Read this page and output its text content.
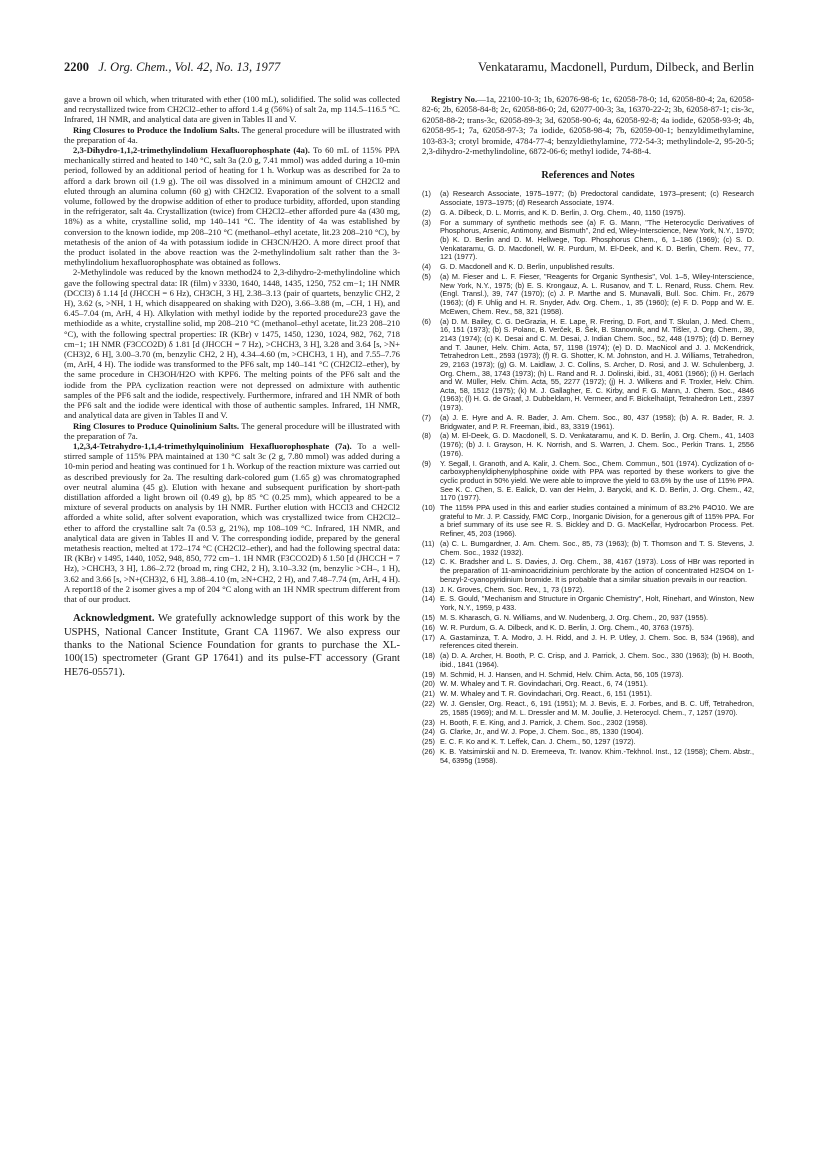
2200 J. Org. Chem., Vol. 42, No. 13, 1977	Venkataramu, Macdonell, Purdum, Dilbeck, and Berlin

gave a brown oil which, when triturated with ether (100 mL), solidified. The solid was collected and recrystallized twice from CH2Cl2–ether to afford 1.4 g (56%) of salt 2a, mp 114.5–116.5 °C. Infrared, 1H NMR, and analytical data are given in Tables II and V.

Ring Closures to Produce the Indolium Salts. The general procedure will be illustrated with the preparation of 4a.

2,3-Dihydro-1,1,2-trimethylindolium Hexafluorophosphate (4a). To 60 mL of 115% PPA mechanically stirred and heated to 140 °C, salt 3a (2.0 g, 7.41 mmol) was added during a 10-min period, followed by an additional period of heating for 1 h. Workup was as described for 2a to afford a dark brown oil (1.9 g). The oil was dissolved in a minimum amount of CH2Cl2 and eluted through an alumina column (60 g) with CH2Cl2. Evaporation of the solvent to a small volume, followed by the dropwise addition of ether to produce turbidity, afforded, upon standing in the refrigerator, salt 4a. Crystallization (twice) from CH2Cl2–ether afforded pure 4a (430 mg, 18%) as a white, crystalline solid, mp 140–141 °C. The identity of 4a was established by conversion to the known iodide, mp 208–210 °C (methanol–ethyl acetate, lit.23 208–210 °C), by metathesis of the anion of 4a with potassium iodide in CH3CN/H2O. A more direct proof that the product isolated in the above reaction was the 2-methylindolium salt rather than the 3-methylindolium hexafluorophosphate was obtained as follows.

2-Methylindole was reduced by the known method24 to 2,3-dihydro-2-methylindoline which gave the following spectral data: IR (film) ν 3330, 1640, 1448, 1435, 1250, 752 cm−1; 1H NMR (DCCl3) δ 1.14 [d (JHCCH = 6 Hz), CH3CH, 3 H], 2.38–3.13 (pair of quartets, benzylic CH2, 2 H), 3.62 (s, >NH, 1 H, which disappeared on shaking with D2O), 3.66–3.88 (m, –CH, 1 H), and 6.45–7.04 (m, ArH, 4 H). Alkylation with methyl iodide by the reported procedure23 gave the methiodide as a white, crystalline solid, mp 208–210 °C (methanol–ethyl acetate, lit.23 208–210 °C), with the following spectral properties: IR (KBr) ν 1475, 1450, 1230, 1024, 982, 762, 718 cm−1; 1H NMR (F3CCO2D) δ 1.81 [d (JHCCH = 7 Hz), >CHCH3, 3 H], 3.28 and 3.64 [s, >N+(CH3)2, 6 H], 3.00–3.70 (m, benzylic CH2, 2 H), 4.34–4.60 (m, >CHCH3, 1 H), and 7.55–7.76 (m, ArH, 4 H). The iodide was transformed to the PF6 salt, mp 140–141 °C (CH2Cl2–ether), by the same procedure in CH3OH/H2O with KPF6. The melting points of the PF6 salt and the iodide from the PPA cyclization reaction were not depressed on admixture with authentic samples of the PF6 salt and the iodide, respectively. Furthermore, infrared and 1H NMR of both the PF6 salt and the iodide were identical with those of authentic samples. Infrared, 1H NMR, and analytical data are given in Tables II and V.

Ring Closures to Produce Quinolinium Salts. The general procedure will be illustrated with the preparation of 7a.

1,2,3,4-Tetrahydro-1,1,4-trimethylquinolinium Hexafluorophosphate (7a). To a well-stirred sample of 115% PPA maintained at 130 °C salt 3c (2 g, 7.80 mmol) was added during a 10-min period and heating was continued for 1 h. Workup of the reaction mixture was carried out as described previously for 2a. The resulting dark-colored gum (1.65 g) was chromatographed over neutral alumina (45 g). Elution with hexane and subsequent purification by short-path distillation afforded a light brown oil (0.49 g), bp 85 °C (0.25 mm), which appeared to be a mixture of several products on analysis by 1H NMR. Further elution with HCCl3 and CH2Cl2 afforded a white solid, after solvent evaporation, which was crystallized twice from CH2Cl2–ether to afford the crystalline salt 7a (0.53 g, 21%), mp 108–109 °C. Infrared, 1H NMR, and analytical data are given in Tables II and V. The corresponding iodide, prepared by the general metathesis reaction, melted at 172–174 °C (CH2Cl2–ether), and had the following spectral data: IR (KBr) ν 1495, 1440, 1052, 948, 850, 772 cm−1. 1H NMR (F3CCO2D) δ 1.50 [d (JHCCH = 7 Hz), >CHCH3, 3 H], 1.86–2.72 (broad m, ring CH2, 2 H), 3.10–3.32 (m, benzylic >CH–, 1 H), 3.62 and 3.66 [s, >N+(CH3)2, 6 H], 3.88–4.10 (m, ≥N+CH2, 2 H), and 7.48–7.74 (m, ArH, 4 H). A report18 of the 2 isomer gives a mp of 204 °C along with an 1H NMR spectrum different from that of our product.

Acknowledgment. We gratefully acknowledge support of this work by the USPHS, National Cancer Institute, Grant CA 11967. We also express our thanks to the National Science Foundation for grants to purchase the XL-100(15) spectrometer (Grant GP 17641) and its pulse-FT accessory (Grant HE76-05571).

Registry No.—1a, 22100-10-3; 1b, 62076-98-6; 1c, 62058-78-0; 1d, 62058-80-4; 2a, 62058-82-6; 2b, 62058-84-8; 2c, 62058-86-0; 2d, 62077-00-3; 3a, 16370-22-2; 3b, 62058-87-1; cis-3c, 62058-88-2; trans-3c, 62058-89-3; 3d, 62058-90-6; 4a, 62058-92-8; 4a iodide, 62058-93-9; 4b, 62058-95-1; 7a, 62058-97-3; 7a iodide, 62058-98-4; 7b, 62059-00-1; benzyldimethylamine, 103-83-3; crotyl bromide, 4784-77-4; benzyldiethylamine, 772-54-3; methylindole-2, 95-20-5; 2,3-dihydro-2-methylindoline, 6872-06-6; methyl iodide, 74-88-4.

References and Notes
(1)	(a) Research Associate, 1975–1977; (b) Predoctoral candidate, 1973–present; (c) Research Associate, 1973–1975; (d) Research Associate, 1974.
(2)	G. A. Dilbeck, D. L. Morris, and K. D. Berlin, J. Org. Chem., 40, 1150 (1975).
(3)	For a summary of synthetic methods see (a) F. G. Mann, "The Heterocyclic Derivatives of Phosphorus, Arsenic, Antimony, and Bismuth", 2nd ed, Wiley-Interscience, New York, N.Y., 1970; (b) K. D. Berlin and D. M. Hellwege, Top. Phosphorus Chem., 6, 1–186 (1969); (c) S. D. Venkataramu, G. D. Macdonell, W. R. Purdum, M. El-Deek, and K. D. Berlin, Chem. Rev., 77, 121 (1977).
(4)	G. D. Macdonell and K. D. Berlin, unpublished results.
(5)	(a) M. Fieser and L. F. Fieser, "Reagents for Organic Synthesis", Vol. 1–5, Wiley-Interscience, New York, N.Y., 1975; (b) E. S. Krongauz, A. L. Rusanov, and T. L. Renard, Russ. Chem. Rev. (Engl. Transl.), 39, 747 (1970); (c) J. P. Marthe and S. Munavalli, Bull. Soc. Chim. Fr., 2679 (1963); (d) F. Uhlig and H. R. Snyder, Adv. Org. Chem., 1, 35 (1960); (e) F. D. Popp and W. E. McEwen, Chem. Rev., 58, 321 (1958).
(6)	(a) D. M. Bailey, C. G. DeGrazia, H. E. Lape, R. Frering, D. Fort, and T. Skulan, J. Med. Chem., 16, 151 (1973); (b) S. Polanc, B. Verček, B. Šek, B. Stanovnik, and M. Tišler, J. Org. Chem., 39, 2143 (1974); (c) K. Desai and C. M. Desai, J. Indian Chem. Soc., 52, 448 (1975); (d) D. Berney and T. Jauner, Helv. Chim. Acta, 57, 1198 (1974); (e) D. D. MacNicol and J. J. McKendrick, Tetrahedron Lett., 2593 (1973); (f) R. G. Shotter, K. M. Johnston, and H. J. Williams, Tetrahedron, 29, 2163 (1973); (g) G. M. Laidlaw, J. C. Collins, S. Archer, D. Rosi, and J. W. Schulenberg, J. Org. Chem., 38, 1743 (1973); (h) L. Rand and R. J. Dolinski, ibid., 31, 4061 (1966); (i) H. Gerlach and W. Müller, Helv. Chim. Acta, 55, 2277 (1972); (j) H. J. Wilkens and F. Troxler, Helv. Chim. Acta, 58, 1512 (1975); (k) M. J. Gallagher, E. C. Kirby, and F. G. Mann, J. Chem. Soc., 4846 (1963); (l) H. G. de Graaf, J. Dubbeldam, H. Vermeer, and F. Bickelhaüpt, Tetrahedron Lett., 2397 (1973).
(7)	(a) J. E. Hyre and A. R. Bader, J. Am. Chem. Soc., 80, 437 (1958); (b) A. R. Bader, R. J. Bridgwater, and P. R. Freeman, ibid., 83, 3319 (1961).
(8)	(a) M. El-Deek, G. D. Macdonell, S. D. Venkataramu, and K. D. Berlin, J. Org. Chem., 41, 1403 (1976); (b) J. I. Grayson, H. K. Norrish, and S. Warren, J. Chem. Soc., Perkin Trans. 1, 2556 (1976).
(9)	Y. Segall, I. Granoth, and A. Kalir, J. Chem. Soc., Chem. Commun., 501 (1974). Cyclization of o-carboxyphenyldiphenylphosphine oxide with PPA was reported by these workers to give the cyclic product in 50% yield. We were able to improve the yield to 63.6% by the use of 115% PPA. See K. C. Chen, S. E. Ealick, D. van der Helm, J. Barycki, and K. D. Berlin, J. Org. Chem., 42, 1170 (1977).
(10) The 115% PPA used in this and earlier studies contained a minimum of 83.2% P4O10. We are grateful to Mr. J. P. Cassidy, FMC Corp., Inorganic Division, for a generous gift of 115% PPA. For a brief summary of its use see R. S. Bickley and D. G. MacKellar, Hydrocarbon Process. Pet. Refiner, 45, 203 (1966).
(11) (a) C. L. Bumgardner, J. Am. Chem. Soc., 85, 73 (1963); (b) T. Thomson and T. S. Stevens, J. Chem. Soc., 1932 (1932).
(12) C. K. Bradsher and L. S. Davies, J. Org. Chem., 38, 4167 (1973). Loss of HBr was reported in the preparation of 11-aminoacridizinium perchlorate by the action of concentrated H2SO4 on 1-benzyl-2-cyanopyridinium bromide. It is probable that a similar situation prevails in our reaction.
(13) J. K. Groves, Chem. Soc. Rev., 1, 73 (1972).
(14) E. S. Gould, "Mechanism and Structure in Organic Chemistry", Holt, Rinehart, and Winston, New York, N.Y., 1959, p 433.
(15) M. S. Kharasch, G. N. Williams, and W. Nudenberg, J. Org. Chem., 20, 937 (1955).
(16) W. R. Purdum, G. A. Dilbeck, and K. D. Berlin, J. Org. Chem., 40, 3763 (1975).
(17) A. Gastaminza, T. A. Modro, J. H. Ridd, and J. H. P. Utley, J. Chem. Soc. B, 534 (1968), and references cited therein.
(18) (a) D. A. Archer, H. Booth, P. C. Crisp, and J. Parrick, J. Chem. Soc., 330 (1963); (b) H. Booth, ibid., 1841 (1964).
(19) M. Schmid, H. J. Hansen, and H. Schmid, Helv. Chim. Acta, 56, 105 (1973).
(20) W. M. Whaley and T. R. Govindachari, Org. React., 6, 74 (1951).
(21) W. M. Whaley and T. R. Govindachari, Org. React., 6, 151 (1951).
(22) W. J. Gensler, Org. React., 6, 191 (1951); M. J. Bevis, E. J. Forbes, and B. C. Uff, Tetrahedron, 25, 1585 (1969); and M. L. Dressler and M. M. Joullie, J. Heterocycl. Chem., 7, 1257 (1970).
(23) H. Booth, F. E. King, and J. Parrick, J. Chem. Soc., 2302 (1958).
(24) G. Clarke, Jr., and W. J. Pope, J. Chem. Soc., 85, 1330 (1904).
(25) E. C. F. Ko and K. T. Leffek, Can. J. Chem., 50, 1297 (1972).
(26) K. B. Yatsimirskii and N. D. Eremeeva, Tr. Ivanov. Khim.-Tekhnol. Inst., 12 (1958); Chem. Abstr., 54, 6395g (1958).
